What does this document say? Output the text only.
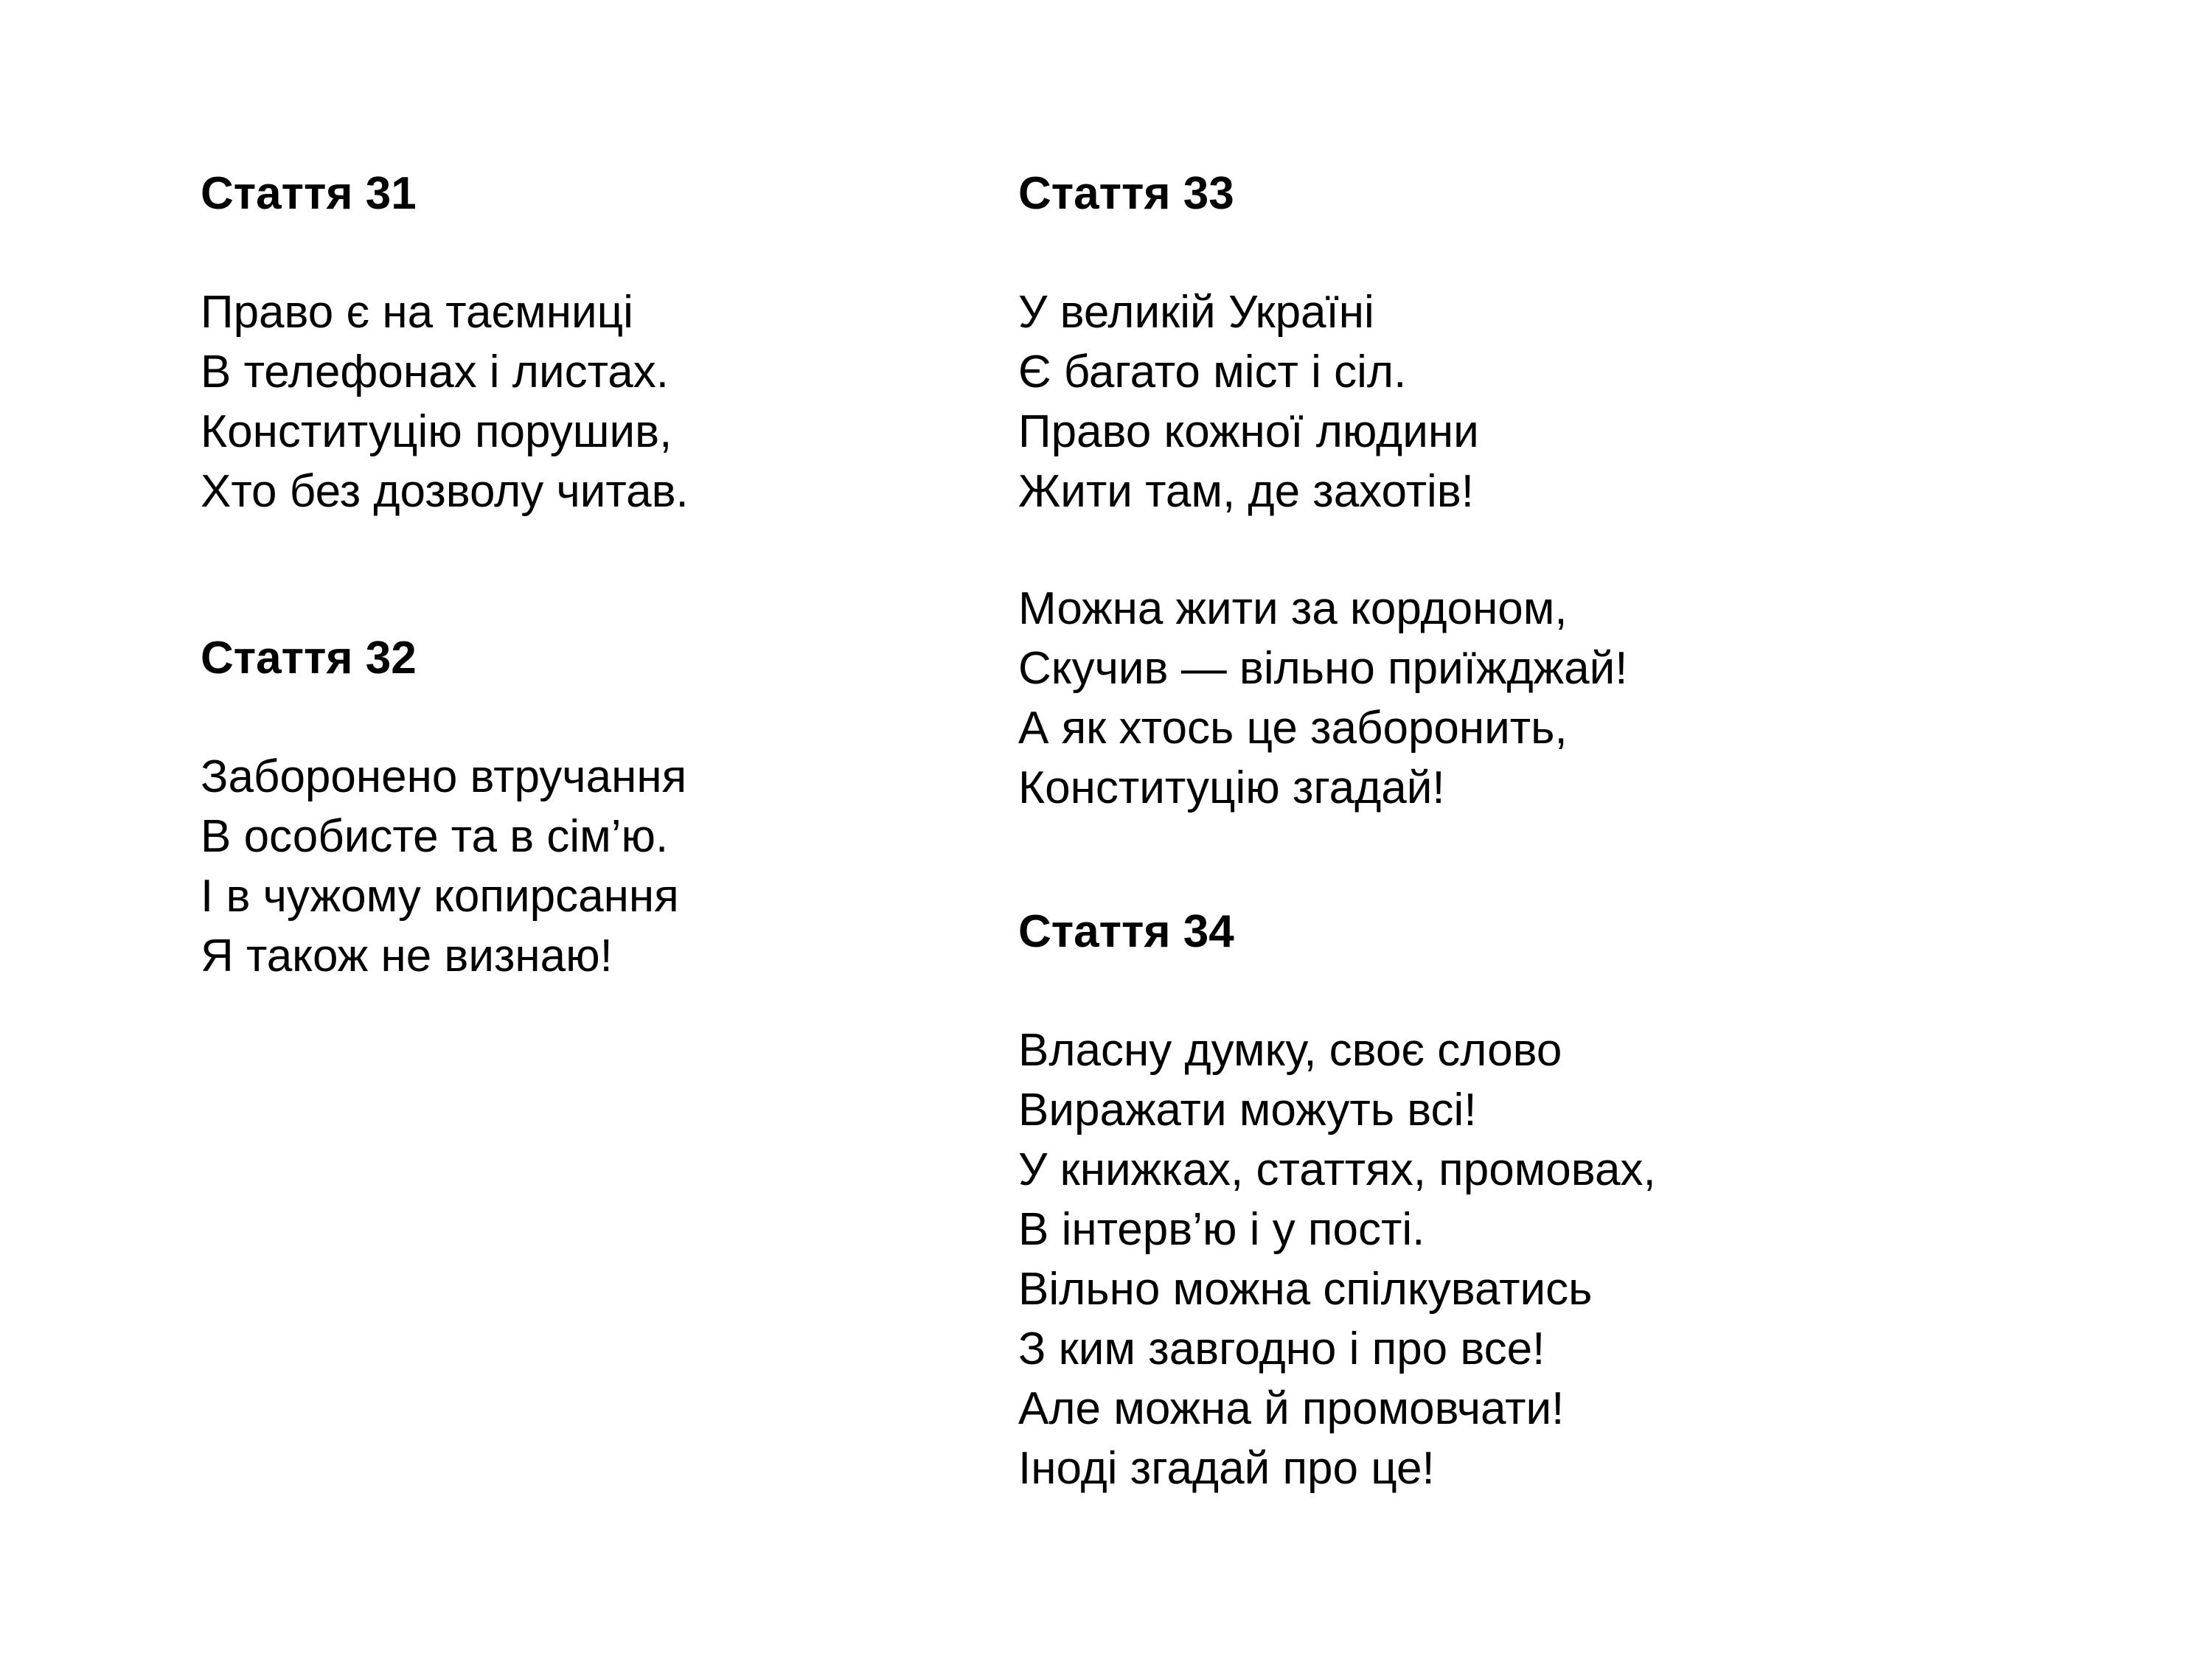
Стаття 31
Право є на таємниці
В телефонах і листах.
Конституцію порушив,
Хто без дозволу читав.
Стаття 32
Заборонено втручання
В особисте та в сім’ю.
І в чужому копирсання
Я також не визнаю!
Стаття 33
У великій Україні
Є багато міст і сіл.
Право кожної людини
Жити там, де захотів!
Можна жити за кордоном,
Скучив — вільно приїжджай!
А як хтось це заборонить,
Конституцію згадай!
Стаття 34
Власну думку, своє слово
Виражати можуть всі!
У книжках, статтях, промовах,
В інтерв’ю і у пості.
Вільно можна спілкуватись
З ким завгодно і про все!
Але можна й промовчати!
Іноді згадай про це!
